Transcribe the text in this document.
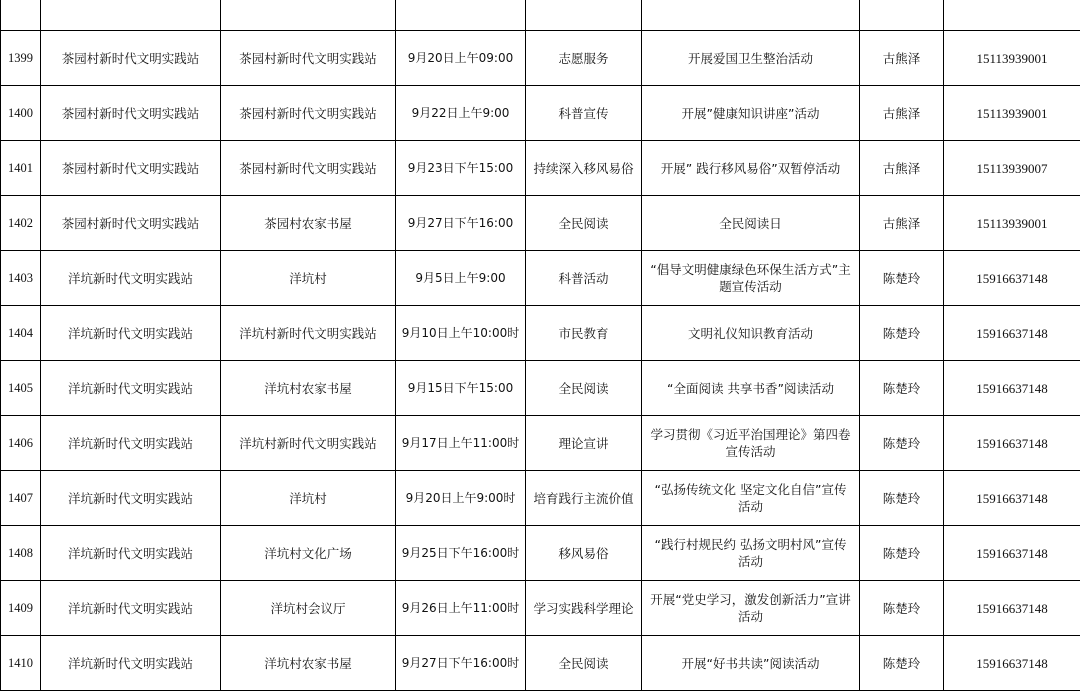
1399	茶园村新时代文明实践站	茶园村新时代文明实践站	9月20日上午09:00	志愿服务	开展爱国卫生整治活动	古熊泽	15113939001
1400	茶园村新时代文明实践站	茶园村新时代文明实践站	9月22日上午9:00	科普宣传	开展”健康知识讲座”活动	古熊泽	15113939001
1401	茶园村新时代文明实践站	茶园村新时代文明实践站	9月23日下午15:00	持续深入移风易俗	开展” 践行移风易俗”双暂停活动	古熊泽	15113939007
1402	茶园村新时代文明实践站	茶园村农家书屋	9月27日下午16:00	全民阅读	全民阅读日	古熊泽	15113939001
1403	洋坑新时代文明实践站	洋坑村	9月5日上午9:00	科普活动	“倡导文明健康绿色环保生活方式”主题宣传活动	陈楚玲	15916637148
1404	洋坑新时代文明实践站	洋坑村新时代文明实践站	9月10日上午10:00时	市民教育	文明礼仪知识教育活动	陈楚玲	15916637148
1405	洋坑新时代文明实践站	洋坑村农家书屋	9月15日下午15:00	全民阅读	“全面阅读 共享书香”阅读活动	陈楚玲	15916637148
1406	洋坑新时代文明实践站	洋坑村新时代文明实践站	9月17日上午11:00时	理论宣讲	学习贯彻《习近平治国理论》第四卷宣传活动	陈楚玲	15916637148
1407	洋坑新时代文明实践站	洋坑村	9月20日上午9:00时	培育践行主流价值	“弘扬传统文化 坚定文化自信”宣传活动	陈楚玲	15916637148
1408	洋坑新时代文明实践站	洋坑村文化广场	9月25日下午16:00时	移风易俗	“践行村规民约 弘扬文明村风”宣传活动	陈楚玲	15916637148
1409	洋坑新时代文明实践站	洋坑村会议厅	9月26日上午11:00时	学习实践科学理论	开展“党史学习，激发创新活力”宣讲活动	陈楚玲	15916637148
1410	洋坑新时代文明实践站	洋坑村农家书屋	9月27日下午16:00时	全民阅读	开展“好书共读”阅读活动	陈楚玲	15916637148
